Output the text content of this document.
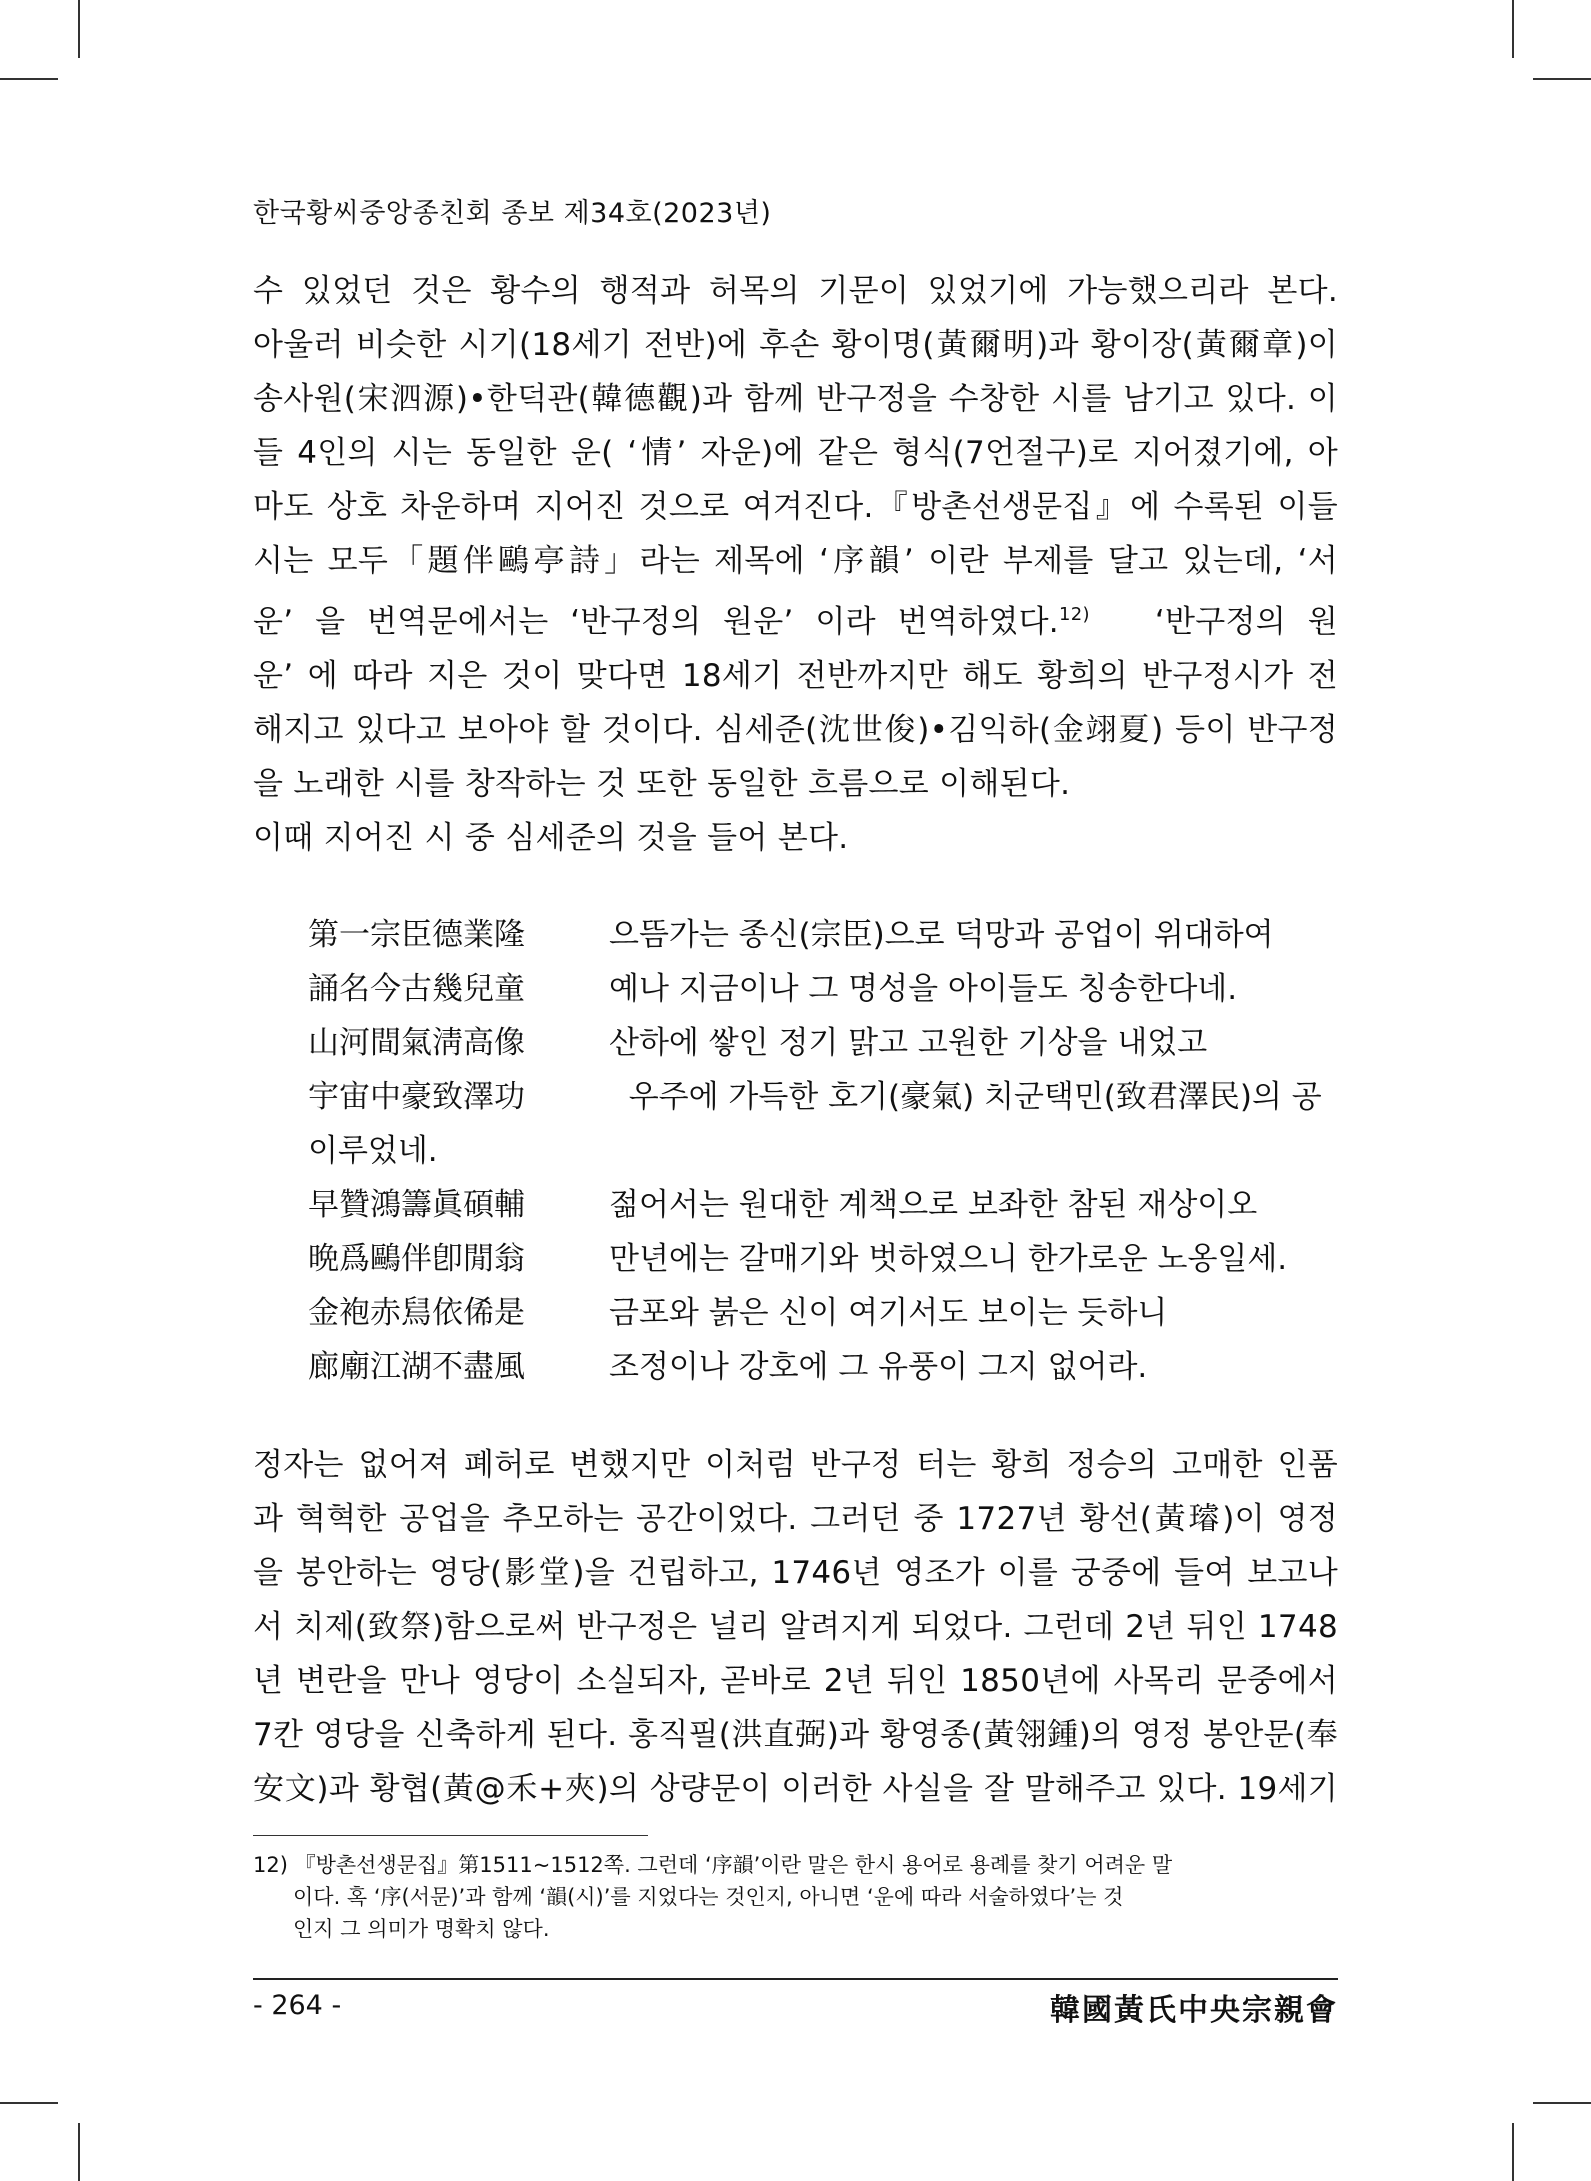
한국황씨중앙종친회 종보 제34호(2023년)
수 있었던 것은 황수의 행적과 허목의 기문이 있었기에 가능했으리라 본다.
아울러 비슷한 시기(18세기 전반)에 후손 황이명(黃爾明)과 황이장(黃爾章)이
송사원(宋泗源)•한덕관(韓德觀)과 함께 반구정을 수창한 시를 남기고 있다. 이
들 4인의 시는 동일한 운( ‘情’ 자운)에 같은 형식(7언절구)로 지어졌기에, 아
마도 상호 차운하며 지어진 것으로 여겨진다.『방촌선생문집』에 수록된 이들
시는 모두「題伴鷗亭詩」라는 제목에 ‘序韻’ 이란 부제를 달고 있는데, ‘서
운’ 을 번역문에서는 ‘반구정의 원운’ 이라 번역하였다.$^{12)}$ ‘반구정의 원
운’ 에 따라 지은 것이 맞다면 18세기 전반까지만 해도 황희의 반구정시가 전
해지고 있다고 보아야 할 것이다. 심세준(沈世俊)•김익하(金翊夏) 등이 반구정
을 노래한 시를 창작하는 것 또한 동일한 흐름으로 이해된다.
이때 지어진 시 중 심세준의 것을 들어 본다.
第一宗臣德業隆	으뜸가는 종신(宗臣)으로 덕망과 공업이 위대하여
誦名今古幾兒童	예나 지금이나 그 명성을 아이들도 칭송한다네.
山河間氣淸高像	산하에 쌓인 정기 맑고 고원한 기상을 내었고
宇宙中豪致澤功	우주에 가득한 호기(豪氣) 치군택민(致君澤民)의 공
이루었네.
早贊鴻籌眞碩輔	젊어서는 원대한 계책으로 보좌한 참된 재상이오
晩爲鷗伴卽閒翁	만년에는 갈매기와 벗하였으니 한가로운 노옹일세.
金袍赤舃依俙是	금포와 붉은 신이 여기서도 보이는 듯하니
廊廟江湖不盡風	조정이나 강호에 그 유풍이 그지 없어라.
정자는 없어져 폐허로 변했지만 이처럼 반구정 터는 황희 정승의 고매한 인품
과 혁혁한 공업을 추모하는 공간이었다. 그러던 중 1727년 황선(黃璿)이 영정
을 봉안하는 영당(影堂)을 건립하고, 1746년 영조가 이를 궁중에 들여 보고나
서 치제(致祭)함으로써 반구정은 널리 알려지게 되었다. 그런데 2년 뒤인 1748
년 변란을 만나 영당이 소실되자, 곧바로 2년 뒤인 1850년에 사목리 문중에서
7칸 영당을 신축하게 된다. 홍직필(洪直弼)과 황영종(黃翎鍾)의 영정 봉안문(奉
安文)과 황협(黃@禾+夾)의 상량문이 이러한 사실을 잘 말해주고 있다. 19세기
12) 『방촌선생문집』第1511~1512쪽. 그런데 ‘序韻’이란 말은 한시 용어로 용례를 찾기 어려운 말
이다. 혹 ‘序(서문)’과 함께 ‘韻(시)’를 지었다는 것인지, 아니면 ‘운에 따라 서술하였다’는 것
인지 그 의미가 명확치 않다.
- 264 -	韓國黃氏中央宗親會
